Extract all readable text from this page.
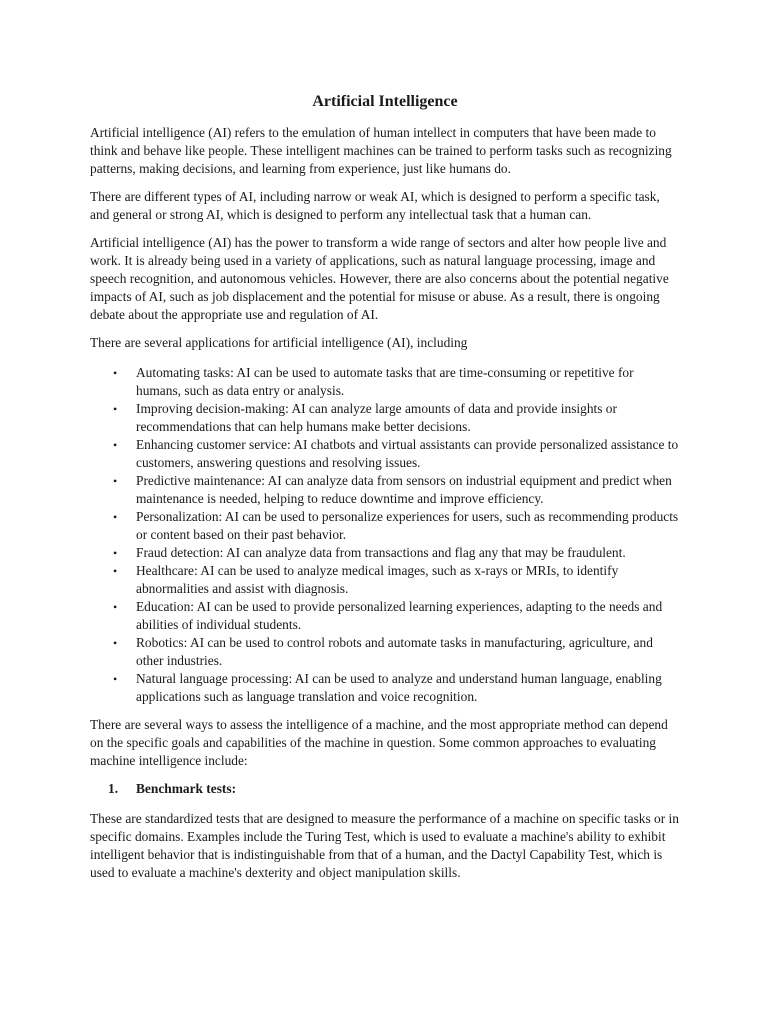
Artificial Intelligence

Artificial intelligence (AI) refers to the emulation of human intellect in computers that have been made to think and behave like people. These intelligent machines can be trained to perform tasks such as recognizing patterns, making decisions, and learning from experience, just like humans do.

There are different types of AI, including narrow or weak AI, which is designed to perform a specific task, and general or strong AI, which is designed to perform any intellectual task that a human can.

Artificial intelligence (AI) has the power to transform a wide range of sectors and alter how people live and work. It is already being used in a variety of applications, such as natural language processing, image and speech recognition, and autonomous vehicles. However, there are also concerns about the potential negative impacts of AI, such as job displacement and the potential for misuse or abuse. As a result, there is ongoing debate about the appropriate use and regulation of AI.

There are several applications for artificial intelligence (AI), including

• Automating tasks: AI can be used to automate tasks that are time-consuming or repetitive for humans, such as data entry or analysis.
• Improving decision-making: AI can analyze large amounts of data and provide insights or recommendations that can help humans make better decisions.
• Enhancing customer service: AI chatbots and virtual assistants can provide personalized assistance to customers, answering questions and resolving issues.
• Predictive maintenance: AI can analyze data from sensors on industrial equipment and predict when maintenance is needed, helping to reduce downtime and improve efficiency.
• Personalization: AI can be used to personalize experiences for users, such as recommending products or content based on their past behavior.
• Fraud detection: AI can analyze data from transactions and flag any that may be fraudulent.
• Healthcare: AI can be used to analyze medical images, such as x-rays or MRIs, to identify abnormalities and assist with diagnosis.
• Education: AI can be used to provide personalized learning experiences, adapting to the needs and abilities of individual students.
• Robotics: AI can be used to control robots and automate tasks in manufacturing, agriculture, and other industries.
• Natural language processing: AI can be used to analyze and understand human language, enabling applications such as language translation and voice recognition.

There are several ways to assess the intelligence of a machine, and the most appropriate method can depend on the specific goals and capabilities of the machine in question. Some common approaches to evaluating machine intelligence include:

1. Benchmark tests:

These are standardized tests that are designed to measure the performance of a machine on specific tasks or in specific domains. Examples include the Turing Test, which is used to evaluate a machine's ability to exhibit intelligent behavior that is indistinguishable from that of a human, and the Dactyl Capability Test, which is used to evaluate a machine's dexterity and object manipulation skills.
